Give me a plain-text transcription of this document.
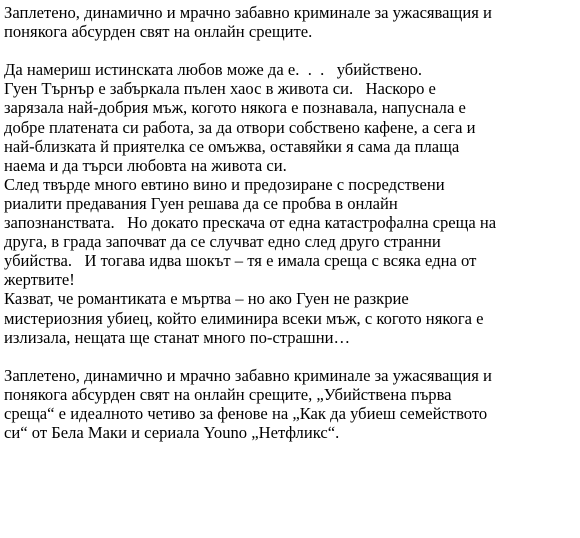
Заплетено, динамично и мрачно забавно криминале за ужасяващия и
понякога абсурден свят на онлайн срещите.
Да намериш истинската любов може да е.  .  .   убийствено.
Гуен Търнър е забъркала пълен хаос в живота си.   Наскоро е
зарязала най-добрия мъж, когото някога е познавала, напуснала е
добре платената си работа, за да отвори собствено кафене, а сега и
най-близката й приятелка се омъжва, оставяйки я сама да плаща
наема и да търси любовта на живота си.
След твърде много евтино вино и предозиране с посредствени
риалити предавания Гуен решава да се пробва в онлайн
запознанствата.   Но докато прескача от една катастрофална среща на
друга, в града започват да се случват едно след друго странни
убийства.   И тогава идва шокът – тя е имала среща с всяка една от
жертвите!
Казват, че романтиката е мъртва – но ако Гуен не разкрие
мистериозния убиец, който елиминира всеки мъж, с когото някога е
излизала, нещата ще станат много по-страшни…
Заплетено, динамично и мрачно забавно криминале за ужасяващия и
понякога абсурден свят на онлайн срещите, „Убийствена първа
среща“ е идеалното четиво за фенове на „Как да убиеш семейството
си“ от Бела Маки и сериала Youno „Нетфликс“.
